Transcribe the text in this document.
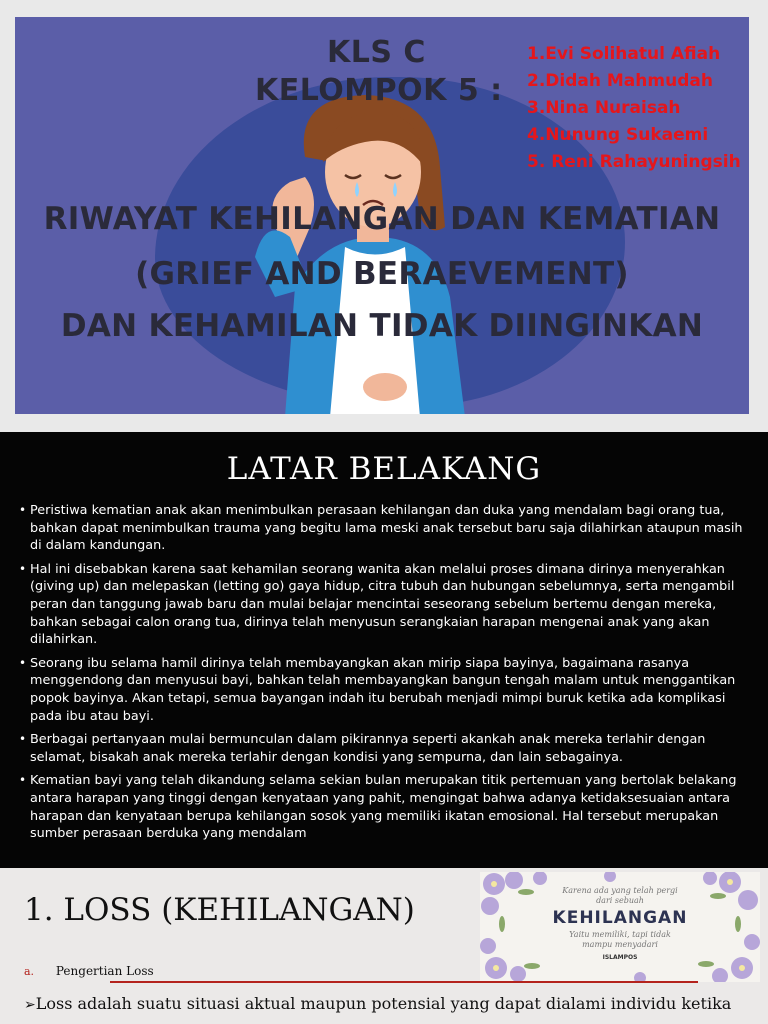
KLS C
KELOMPOK 5 :
1.Evi Solihatul Afiah
2.Didah Mahmudah
3.Nina Nuraisah
4.Nunung Sukaemi
5. Reni Rahayuningsih
RIWAYAT KEHILANGAN DAN KEMATIAN
(GRIEF AND BERAEVEMENT)
DAN KEHAMILAN TIDAK DIINGINKAN
LATAR BELAKANG
• Peristiwa kematian anak akan menimbulkan perasaan kehilangan dan duka yang mendalam bagi orang tua, bahkan dapat menimbulkan trauma yang begitu lama meski anak tersebut baru saja dilahirkan ataupun masih di dalam kandungan.
• Hal ini disebabkan karena saat kehamilan seorang wanita akan melalui proses dimana dirinya menyerahkan (giving up) dan melepaskan (letting go) gaya hidup, citra tubuh dan hubungan sebelumnya, serta mengambil peran dan tanggung jawab baru dan mulai belajar mencintai seseorang sebelum bertemu dengan mereka, bahkan sebagai calon orang tua, dirinya telah menyusun serangkaian harapan mengenai anak yang akan dilahirkan.
• Seorang ibu selama hamil dirinya telah membayangkan akan mirip siapa bayinya, bagaimana rasanya menggendong dan menyusui bayi, bahkan telah membayangkan bangun tengah malam untuk menggantikan popok bayinya. Akan tetapi, semua bayangan indah itu berubah menjadi mimpi buruk ketika ada komplikasi pada ibu atau bayi.
• Berbagai pertanyaan mulai bermunculan dalam pikirannya seperti akankah anak mereka terlahir dengan selamat, bisakah anak mereka terlahir dengan kondisi yang sempurna, dan lain sebagainya.
• Kematian bayi yang telah dikandung selama sekian bulan merupakan titik pertemuan yang bertolak belakang antara harapan yang tinggi dengan kenyataan yang pahit, mengingat bahwa adanya ketidaksesuaian antara harapan dan kenyataan berupa kehilangan sosok yang memiliki ikatan emosional. Hal tersebut merupakan sumber perasaan berduka yang mendalam
1. LOSS (KEHILANGAN)
Karena ada yang telah pergi
dari sebuah
KEHILANGAN
Yaitu memiliki, tapi tidak
mampu menyadari
ISLAMPOS
a. Pengertian Loss
➢Loss adalah suatu situasi aktual maupun potensial yang dapat dialami individu ketika
